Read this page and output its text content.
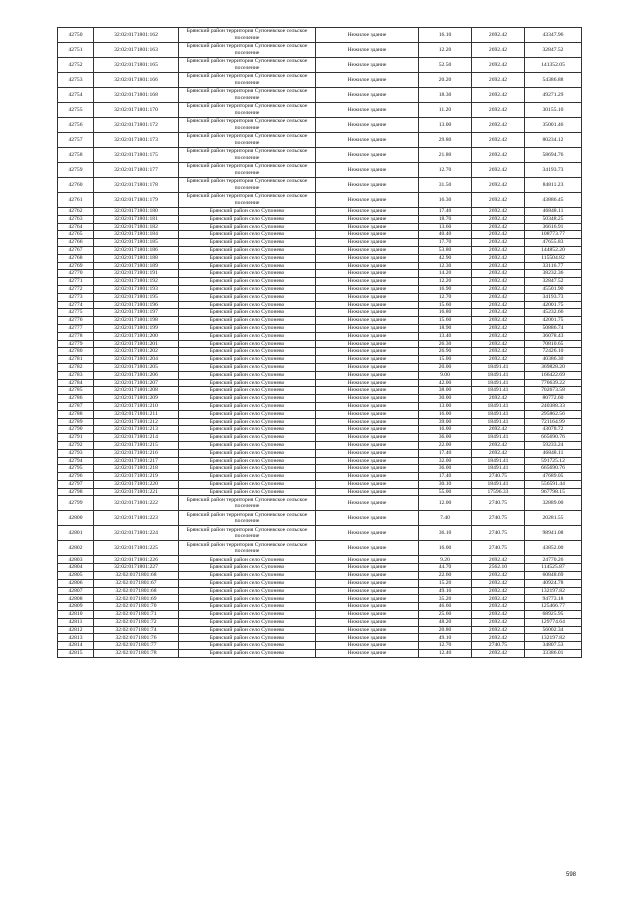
42750	32:02:0171801:162	Брянский район территория Супоневское сельское поселение	Нежилое здание	16.10	2692.42	43347.96
42751	32:02:0171801:163	Брянский район территория Супоневское сельское поселение	Нежилое здание	12.20	2692.42	32847.52
42752	32:02:0171801:165	Брянский район территория Супоневское сельское поселение	Нежилое здание	52.50	2692.42	141352.05
42753	32:02:0171801:166	Брянский район территория Супоневское сельское поселение	Нежилое здание	20.20	2692.42	54386.88
42754	32:02:0171801:168	Брянский район территория Супоневское сельское поселение	Нежилое здание	18.30	2692.42	49271.29
42755	32:02:0171801:170	Брянский район территория Супоневское сельское поселение	Нежилое здание	11.20	2692.42	30155.10
42756	32:02:0171801:172	Брянский район территория Супоневское сельское поселение	Нежилое здание	13.00	2692.42	35001.46
42757	32:02:0171801:173	Брянский район территория Супоневское сельское поселение	Нежилое здание	29.80	2692.42	80234.12
42758	32:02:0171801:175	Брянский район территория Супоневское сельское поселение	Нежилое здание	21.80	2692.42	58694.76
42759	32:02:0171801:177	Брянский район территория Супоневское сельское поселение	Нежилое здание	12.70	2692.42	34193.73
42760	32:02:0171801:178	Брянский район территория Супоневское сельское поселение	Нежилое здание	31.50	2692.42	84811.23
42761	32:02:0171801:179	Брянский район территория Супоневское сельское поселение	Нежилое здание	16.30	2692.42	43886.45
42762	32:02:0171801:180	Брянский район село Супонево	Нежилое здание	17.40	2692.42	46848.11
42763	32:02:0171801:181	Брянский район село Супонево	Нежилое здание	18.70	2692.42	50348.25
42764	32:02:0171801:182	Брянский район село Супонево	Нежилое здание	13.60	2692.42	36616.91
42765	32:02:0171801:184	Брянский район село Супонево	Нежилое здание	40.40	2692.42	108773.77
42766	32:02:0171801:185	Брянский район село Супонево	Нежилое здание	17.70	2692.42	47655.83
42767	32:02:0171801:186	Брянский район село Супонево	Нежилое здание	53.80	2692.42	144852.20
42768	32:02:0171801:188	Брянский район село Супонево	Нежилое здание	42.90	2692.42	115504.82
42769	32:02:0171801:189	Брянский район село Супонево	Нежилое здание	12.30	2692.42	33116.77
42770	32:02:0171801:191	Брянский район село Супонево	Нежилое здание	14.20	2692.42	38232.36
42771	32:02:0171801:192	Брянский район село Супонево	Нежилое здание	12.20	2692.42	32847.52
42772	32:02:0171801:193	Брянский район село Супонево	Нежилое здание	16.90	2692.42	45501.90
42773	32:02:0171801:195	Брянский район село Супонево	Нежилое здание	12.70	2692.42	34193.73
42774	32:02:0171801:196	Брянский район село Супонево	Нежилое здание	15.60	2692.42	42001.75
42775	32:02:0171801:197	Брянский район село Супонево	Нежилое здание	16.80	2692.42	45232.66
42776	32:02:0171801:198	Брянский район село Супонево	Нежилое здание	15.60	2692.42	42001.75
42777	32:02:0171801:199	Брянский район село Супонево	Нежилое здание	18.90	2692.42	50886.74
42778	32:02:0171801:200	Брянский район село Супонево	Нежилое здание	13.40	2692.42	36078.43
42779	32:02:0171801:201	Брянский район село Супонево	Нежилое здание	26.30	2692.42	70810.65
42780	32:02:0171801:202	Брянский район село Супонево	Нежилое здание	26.90	2692.42	72426.10
42781	32:02:0171801:204	Брянский район село Супонево	Нежилое здание	15.00	2692.42	40386.30
42782	32:02:0171801:205	Брянский район село Супонево	Нежилое здание	20.00	18491.41	369828.20
42783	32:02:0171801:206	Брянский район село Супонево	Нежилое здание	9.00	18491.41	166422.69
42784	32:02:0171801:207	Брянский район село Супонево	Нежилое здание	42.00	18491.41	776639.22
42785	32:02:0171801:208	Брянский район село Супонево	Нежилое здание	38.00	18491.41	702673.58
42786	32:02:0171801:209	Брянский район село Супонево	Нежилое здание	30.00	2692.42	80772.60
42787	32:02:0171801:210	Брянский район село Супонево	Нежилое здание	13.00	18491.41	240388.33
42788	32:02:0171801:211	Брянский район село Супонево	Нежилое здание	16.00	18491.41	295862.56
42789	32:02:0171801:212	Брянский район село Супонево	Нежилое здание	39.00	18491.41	721164.99
42790	32:02:0171801:213	Брянский район село Супонево	Нежилое здание	16.00	2692.42	43078.72
42791	32:02:0171801:214	Брянский район село Супонево	Нежилое здание	36.00	18491.41	665690.76
42792	32:02:0171801:215	Брянский район село Супонево	Нежилое здание	22.00	2692.42	59233.24
42793	32:02:0171801:216	Брянский район село Супонево	Нежилое здание	17.40	2692.42	46848.11
42794	32:02:0171801:217	Брянский район село Супонево	Нежилое здание	32.00	18491.41	591725.12
42795	32:02:0171801:218	Брянский район село Супонево	Нежилое здание	36.00	18491.41	665690.76
42796	32:02:0171801:219	Брянский район село Супонево	Нежилое здание	17.40	2740.75	47689.05
42797	32:02:0171801:220	Брянский район село Супонево	Нежилое здание	30.10	18491.41	556591.44
42798	32:02:0171801:221	Брянский район село Супонево	Нежилое здание	55.00	17596.33	967798.15
42799	32:02:0171801:222	Брянский район территория Супоневское сельское поселение	Нежилое здание	12.00	2740.75	32889.00
42800	32:02:0171801:223	Брянский район территория Супоневское сельское поселение	Нежилое здание	7.40	2740.75	20281.55
42801	32:02:0171801:224	Брянский район территория Супоневское сельское поселение	Нежилое здание	36.10	2740.75	98941.08
42802	32:02:0171801:225	Брянский район территория Супоневское сельское поселение	Нежилое здание	16.00	2740.75	43852.00
42803	32:02:0171801:226	Брянский район село Супонево	Нежилое здание	9.20	2692.42	24770.26
42804	32:02:0171801:227	Брянский район село Супонево	Нежилое здание	44.70	2562.10	114525.87
42805	32:02:0171801:68	Брянский район село Супонево	Нежилое здание	22.60	2692.42	60848.69
42806	32:02:0171801:67	Брянский район село Супонево	Нежилое здание	15.20	2692.42	40924.78
42807	32:02:0171801:68	Брянский район село Супонево	Нежилое здание	49.10	2692.42	132197.82
42808	32:02:0171801:69	Брянский район село Супонево	Нежилое здание	35.20	2692.42	94773.18
42809	32:02:0171801:70	Брянский район село Супонево	Нежилое здание	46.60	2692.42	125466.77
42810	32:02:0171801:71	Брянский район село Супонево	Нежилое здание	25.60	2692.42	68925.95
42811	32:02:0171801:72	Брянский район село Супонево	Нежилое здание	48.20	2692.42	129774.64
42812	32:02:0171801:74	Брянский район село Супонево	Нежилое здание	20.80	2692.42	56002.34
42813	32:02:0171801:76	Брянский район село Супонево	Нежилое здание	49.10	2692.42	132197.82
42814	32:02:0171801:77	Брянский район село Супонево	Нежилое здание	12.70	2740.75	34807.53
42815	32:02:0171801:78	Брянский район село Супонево	Нежилое здание	12.40	2692.42	33386.01
598
